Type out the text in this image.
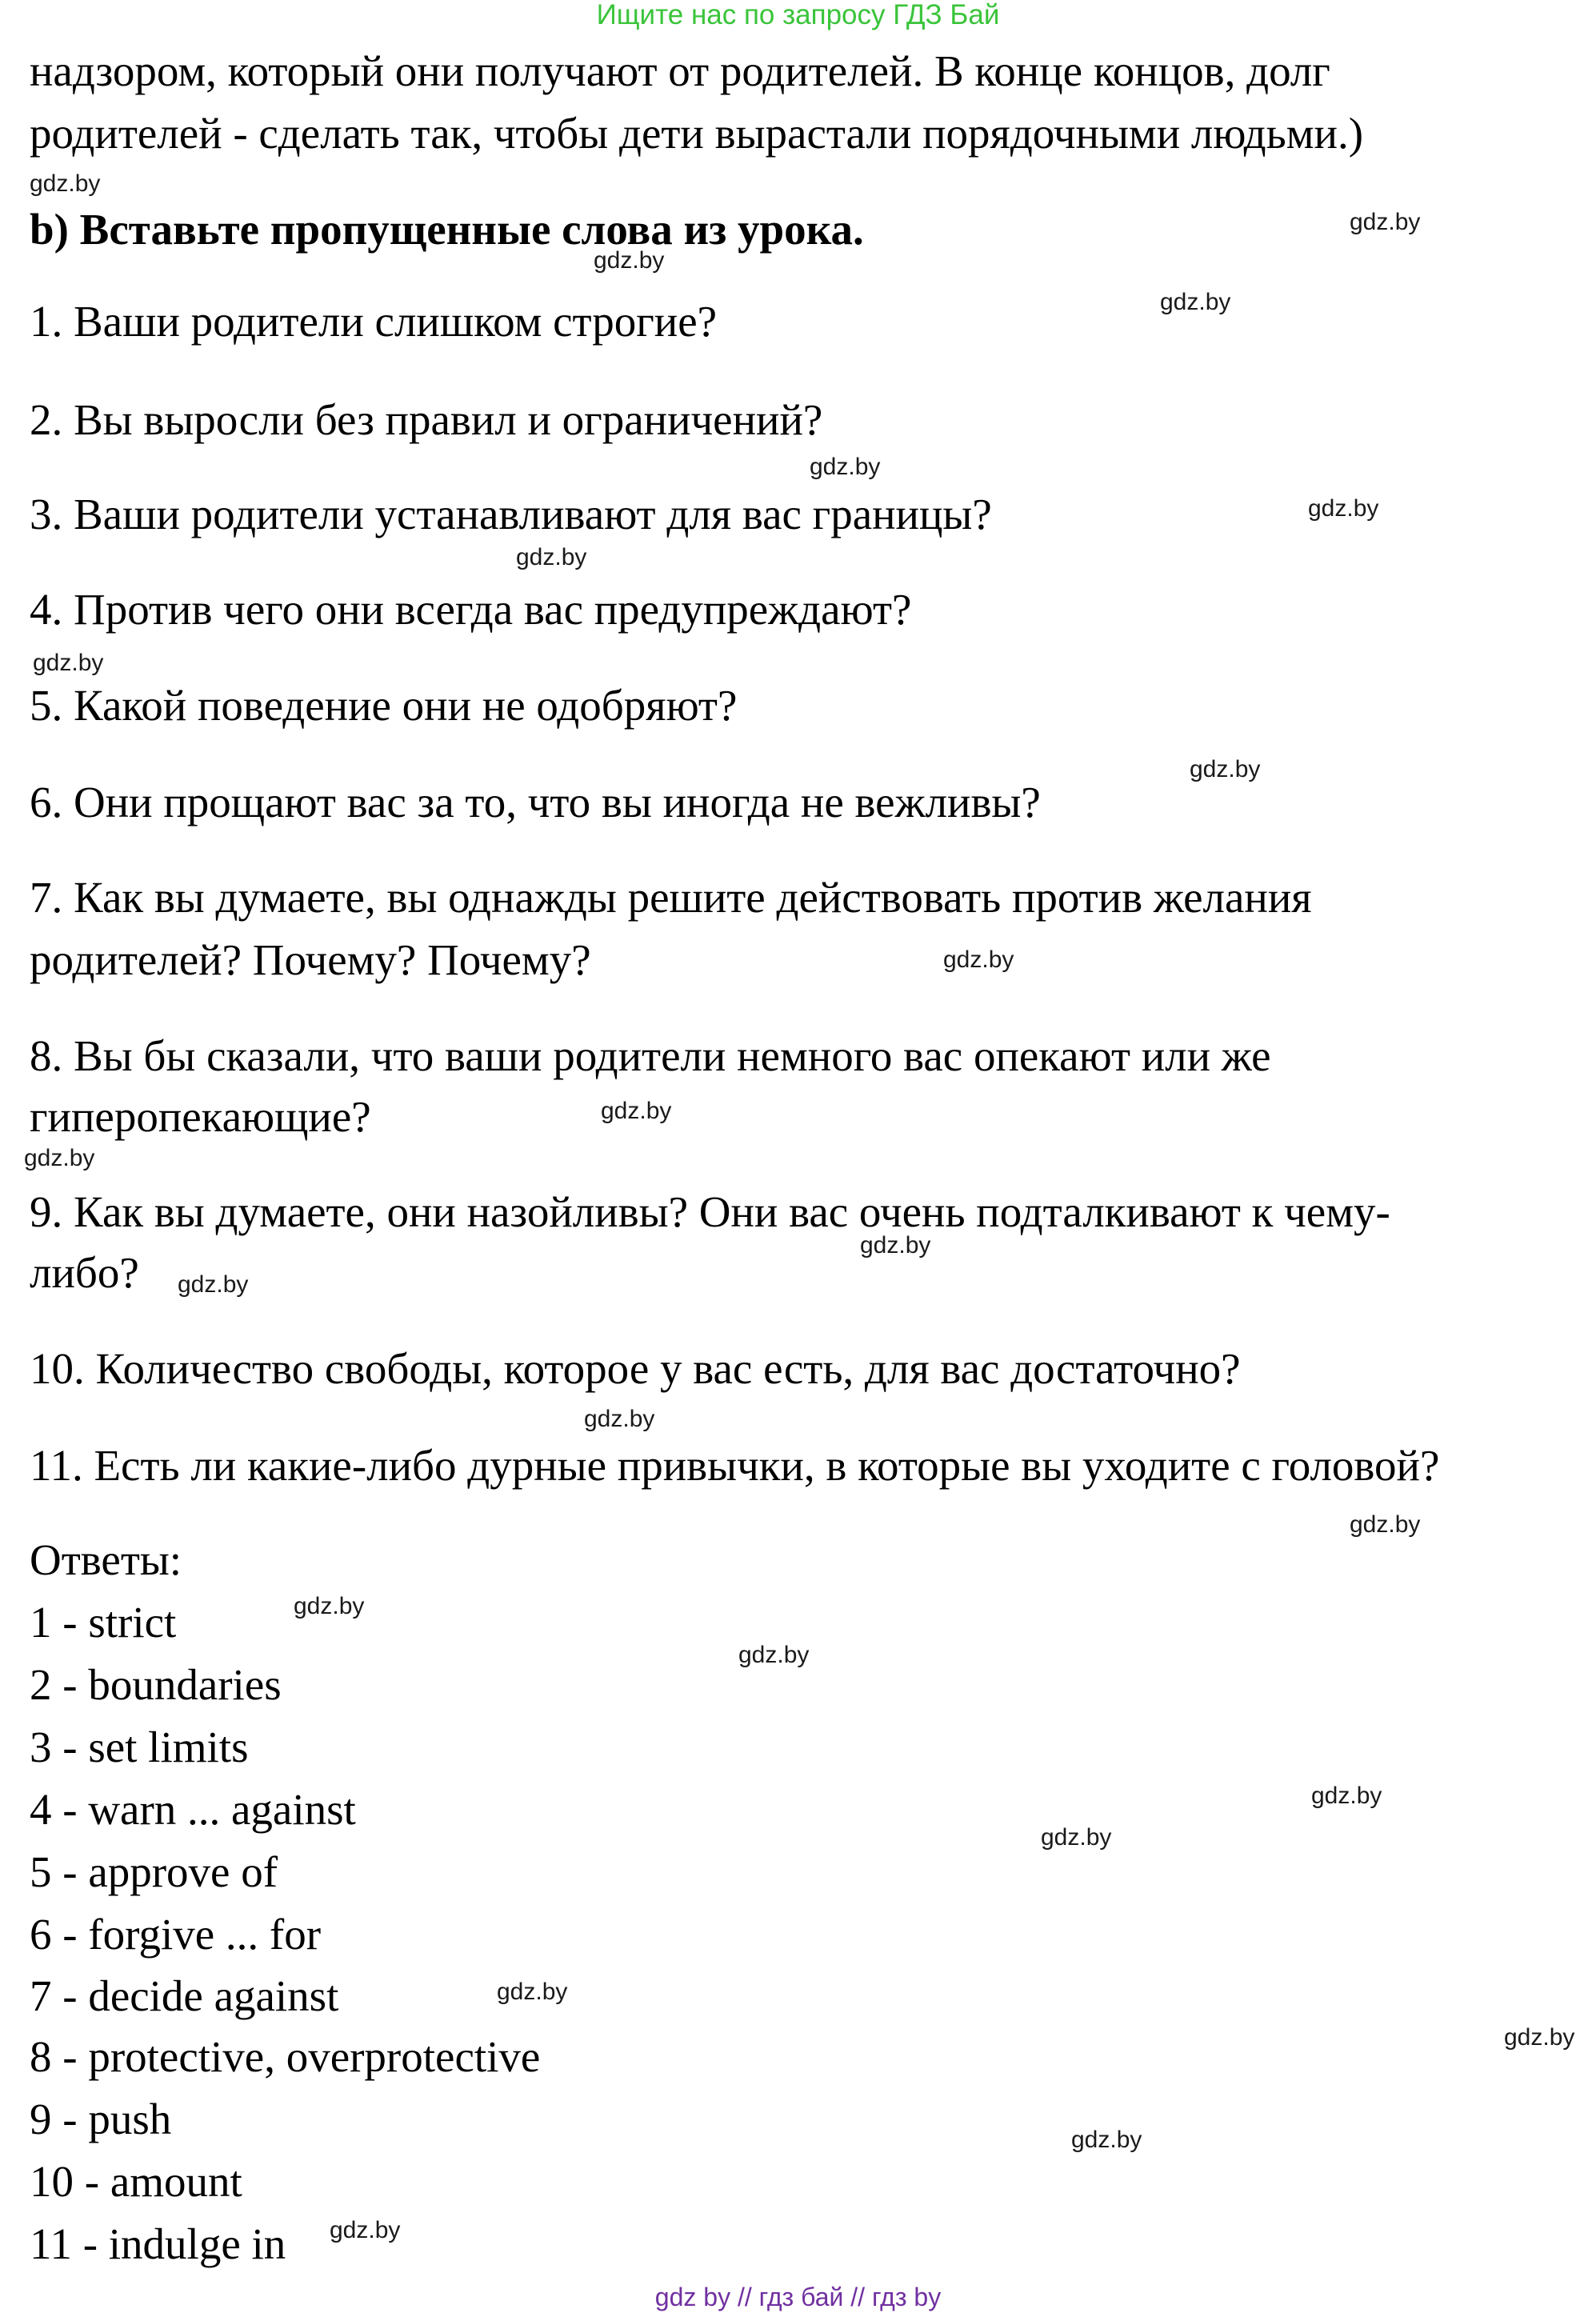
Ищите нас по запросу ГДЗ Бай
надзором, который они получают от родителей. В конце концов, долг
родителей - сделать так, чтобы дети вырастали порядочными людьми.)
b) Вставьте пропущенные слова из урока.
1. Ваши родители слишком строгие?
2. Вы выросли без правил и ограничений?
3. Ваши родители устанавливают для вас границы?
4. Против чего они всегда вас предупреждают?
5. Какой поведение они не одобряют?
6. Они прощают вас за то, что вы иногда не вежливы?
7. Как вы думаете, вы однажды решите действовать против желания
родителей? Почему? Почему?
8. Вы бы сказали, что ваши родители немного вас опекают или же
гиперопекающие?
9. Как вы думаете, они назойливы? Они вас очень подталкивают к чему-
либо?
10. Количество свободы, которое у вас есть, для вас достаточно?
11. Есть ли какие-либо дурные привычки, в которые вы уходите с головой?
Ответы:
1 - strict
2 - boundaries
3 - set limits
4 - warn ... against
5 - approve of
6 - forgive ... for
7 - decide against
8 - protective, overprotective
9 - push
10 - amount
11 - indulge in
gdz.by
gdz.by
gdz.by
gdz.by
gdz.by
gdz.by
gdz.by
gdz.by
gdz.by
gdz.by
gdz.by
gdz.by
gdz.by
gdz.by
gdz.by
gdz.by
gdz.by
gdz.by
gdz.by
gdz.by
gdz.by
gdz.by
gdz.by
gdz.by
gdz by // гдз бай // гдз by
